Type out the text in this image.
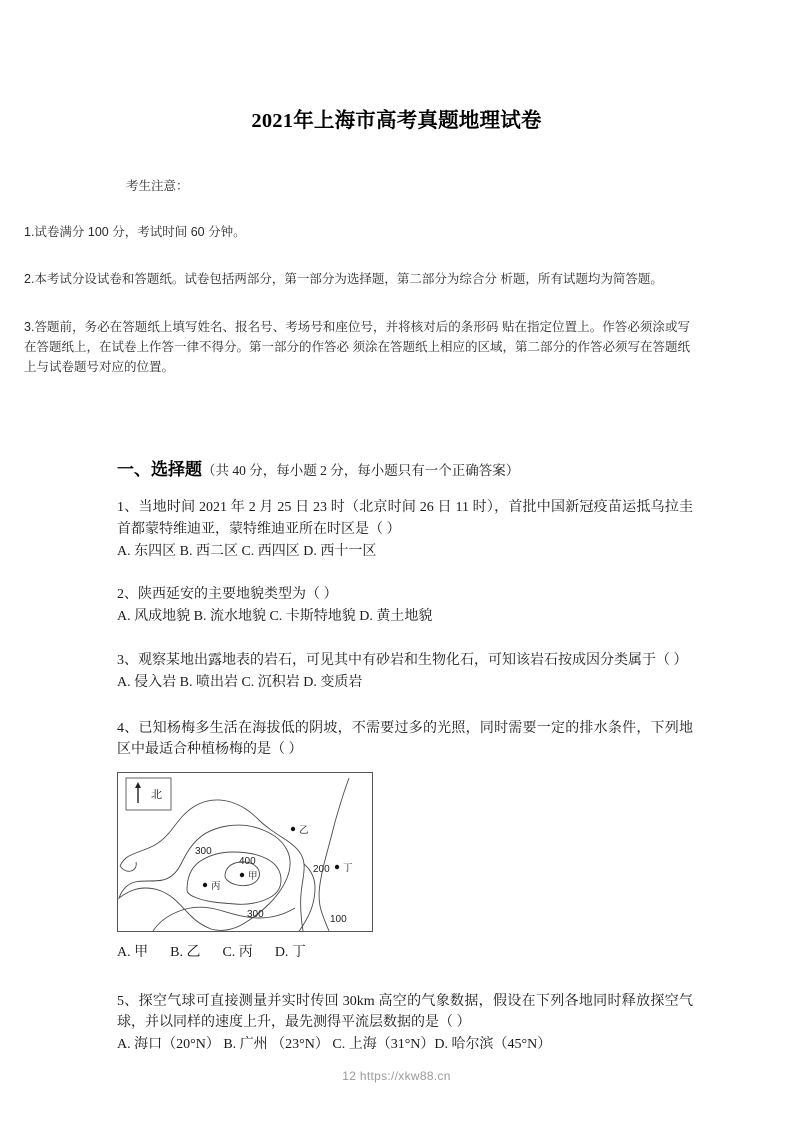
2021年上海市高考真题地理试卷

考生注意：

1.试卷满分 100 分，考试时间 60 分钟。

2.本考试分设试卷和答题纸。试卷包括两部分，第一部分为选择题，第二部分为综合分 析题，所有试题均为简答题。

3.答题前，务必在答题纸上填写姓名、报名号、考场号和座位号，并将核对后的条形码 贴在指定位置上。作答必须涂或写在答题纸上，在试卷上作答一律不得分。第一部分的作答必 须涂在答题纸上相应的区域，第二部分的作答必须写在答题纸上与试卷题号对应的位置。

一、选择题（共 40 分，每小题 2 分，每小题只有一个正确答案）

1、当地时间 2021 年 2 月 25 日 23 时（北京时间 26 日 11 时），首批中国新冠疫苗运抵乌拉圭首都蒙特维迪亚，蒙特维迪亚所在时区是（ ）

A. 东四区 B. 西二区 C. 西四区 D. 西十一区

2、陕西延安的主要地貌类型为（ ）

A. 风成地貌 B. 流水地貌 C. 卡斯特地貌 D. 黄土地貌

3、观察某地出露地表的岩石，可见其中有砂岩和生物化石，可知该岩石按成因分类属于（ ）

A. 侵入岩 B. 喷出岩 C. 沉积岩 D. 变质岩

4、已知杨梅多生活在海拔低的阴坡，不需要过多的光照，同时需要一定的排水条件，下列地区中最适合种植杨梅的是（ ）

北
300
400
200
300	100
甲
乙
丙
丁
A. 甲 B. 乙 C. 丙 D. 丁

5、探空气球可直接测量并实时传回 30km 高空的气象数据，假设在下列各地同时释放探空气球，并以同样的速度上升，最先测得平流层数据的是（ ）

A. 海口（20°N） B. 广州 （23°N） C. 上海（31°N）D. 哈尔滨（45°N）

12 https://xkw88.cn
